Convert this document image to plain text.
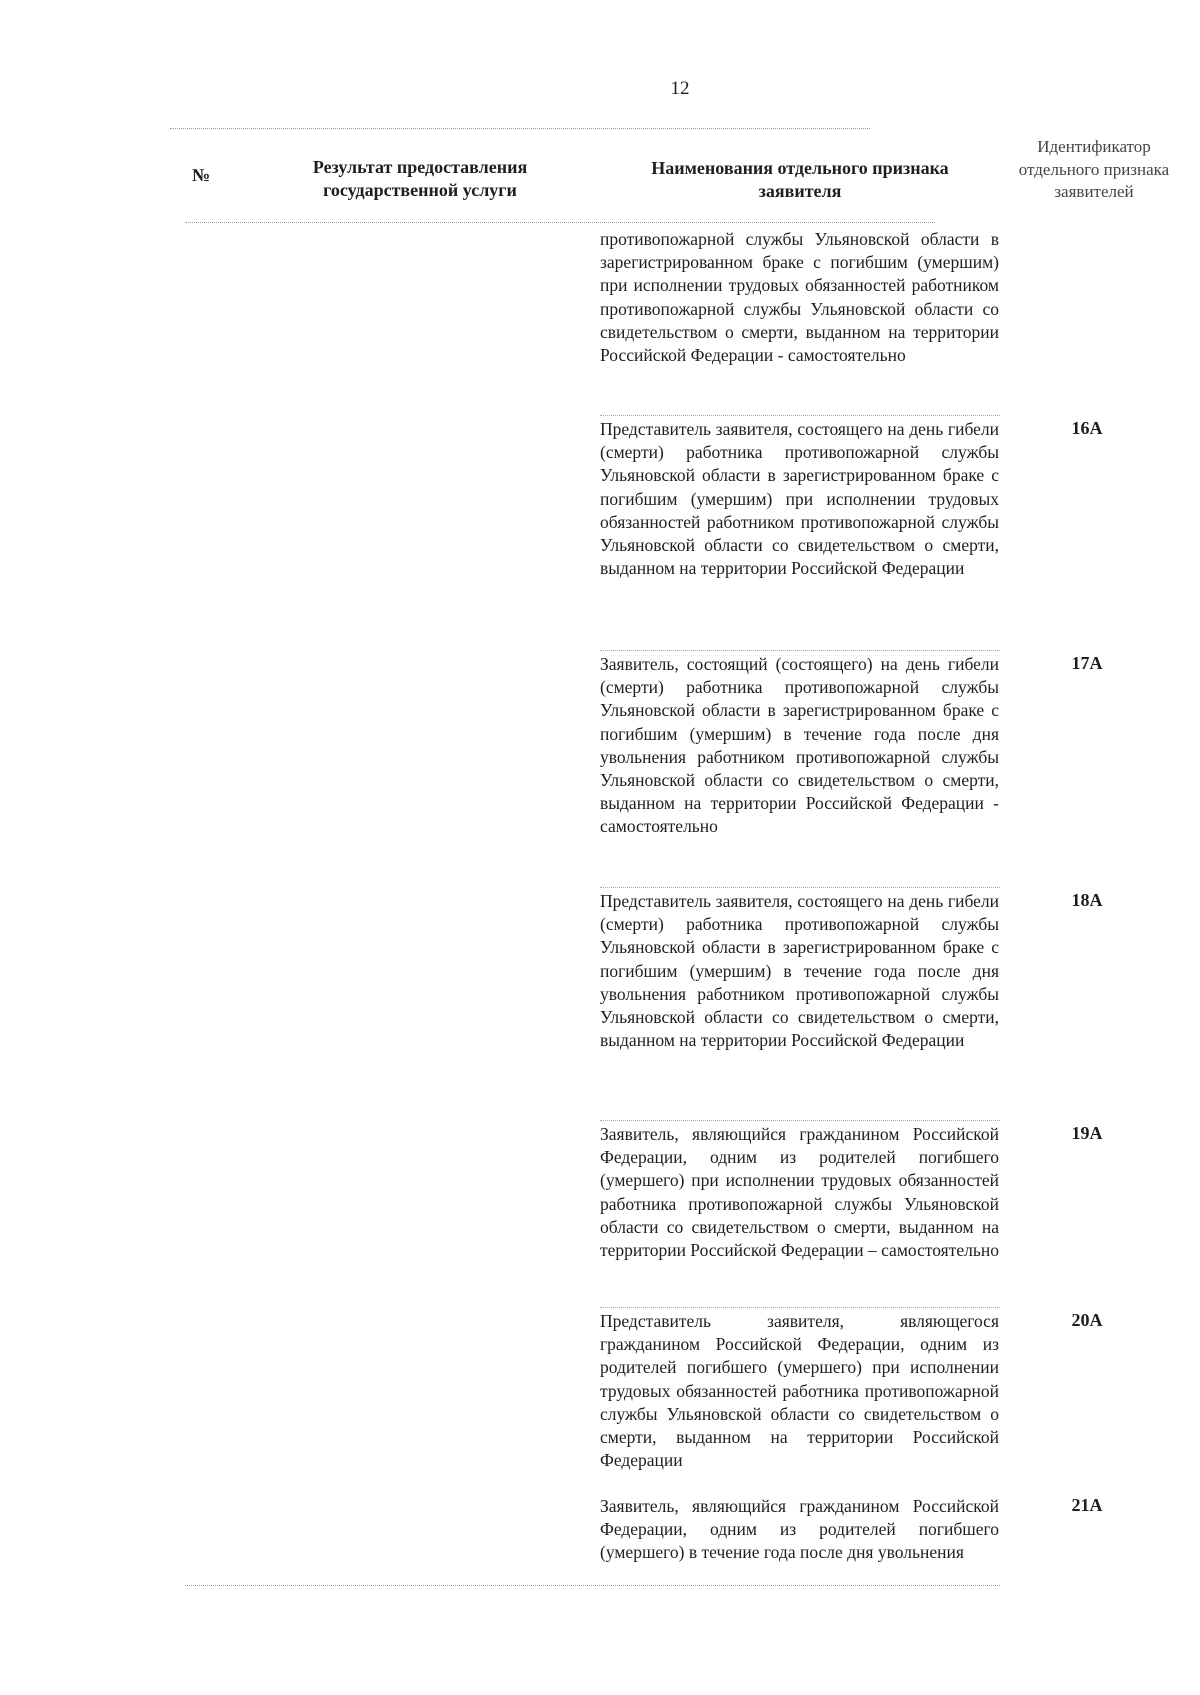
12
№	Результат предоставления государственной услуги
Наименования отдельного признака заявителя
Идентификатор отдельного признака заявителей
противопожарной службы Ульяновской области в зарегистрированном браке с погибшим (умершим) при исполнении трудовых обязанностей работником противопожарной службы Ульяновской области со свидетельством о смерти, выданном на территории Российской Федерации - самостоятельно
Представитель заявителя, состоящего на день гибели (смерти) работника противопожарной службы Ульяновской области в зарегистрированном браке с погибшим (умершим) при исполнении трудовых обязанностей работником противопожарной службы Ульяновской области со свидетельством о смерти, выданном на территории Российской Федерации
16А
Заявитель, состоящий (состоящего) на день гибели (смерти) работника противопожарной службы Ульяновской области в зарегистрированном браке с погибшим (умершим) в течение года после дня увольнения работником противопожарной службы Ульяновской области со свидетельством о смерти, выданном на территории Российской Федерации - самостоятельно
17А
Представитель заявителя, состоящего на день гибели (смерти) работника противопожарной службы Ульяновской области в зарегистрированном браке с погибшим (умершим) в течение года после дня увольнения работником противопожарной службы Ульяновской области со свидетельством о смерти, выданном на территории Российской Федерации
18А
Заявитель, являющийся гражданином Российской Федерации, одним из родителей погибшего (умершего) при исполнении трудовых обязанностей работника противопожарной службы Ульяновской области со свидетельством о смерти, выданном на территории Российской Федерации – самостоятельно
19А
Представитель заявителя, являющегося гражданином Российской Федерации, одним из родителей погибшего (умершего) при исполнении трудовых обязанностей работника противопожарной службы Ульяновской области со свидетельством о смерти, выданном на территории Российской Федерации
20А
Заявитель, являющийся гражданином Российской Федерации, одним из родителей погибшего (умершего) в течение года после дня увольнения
21А
